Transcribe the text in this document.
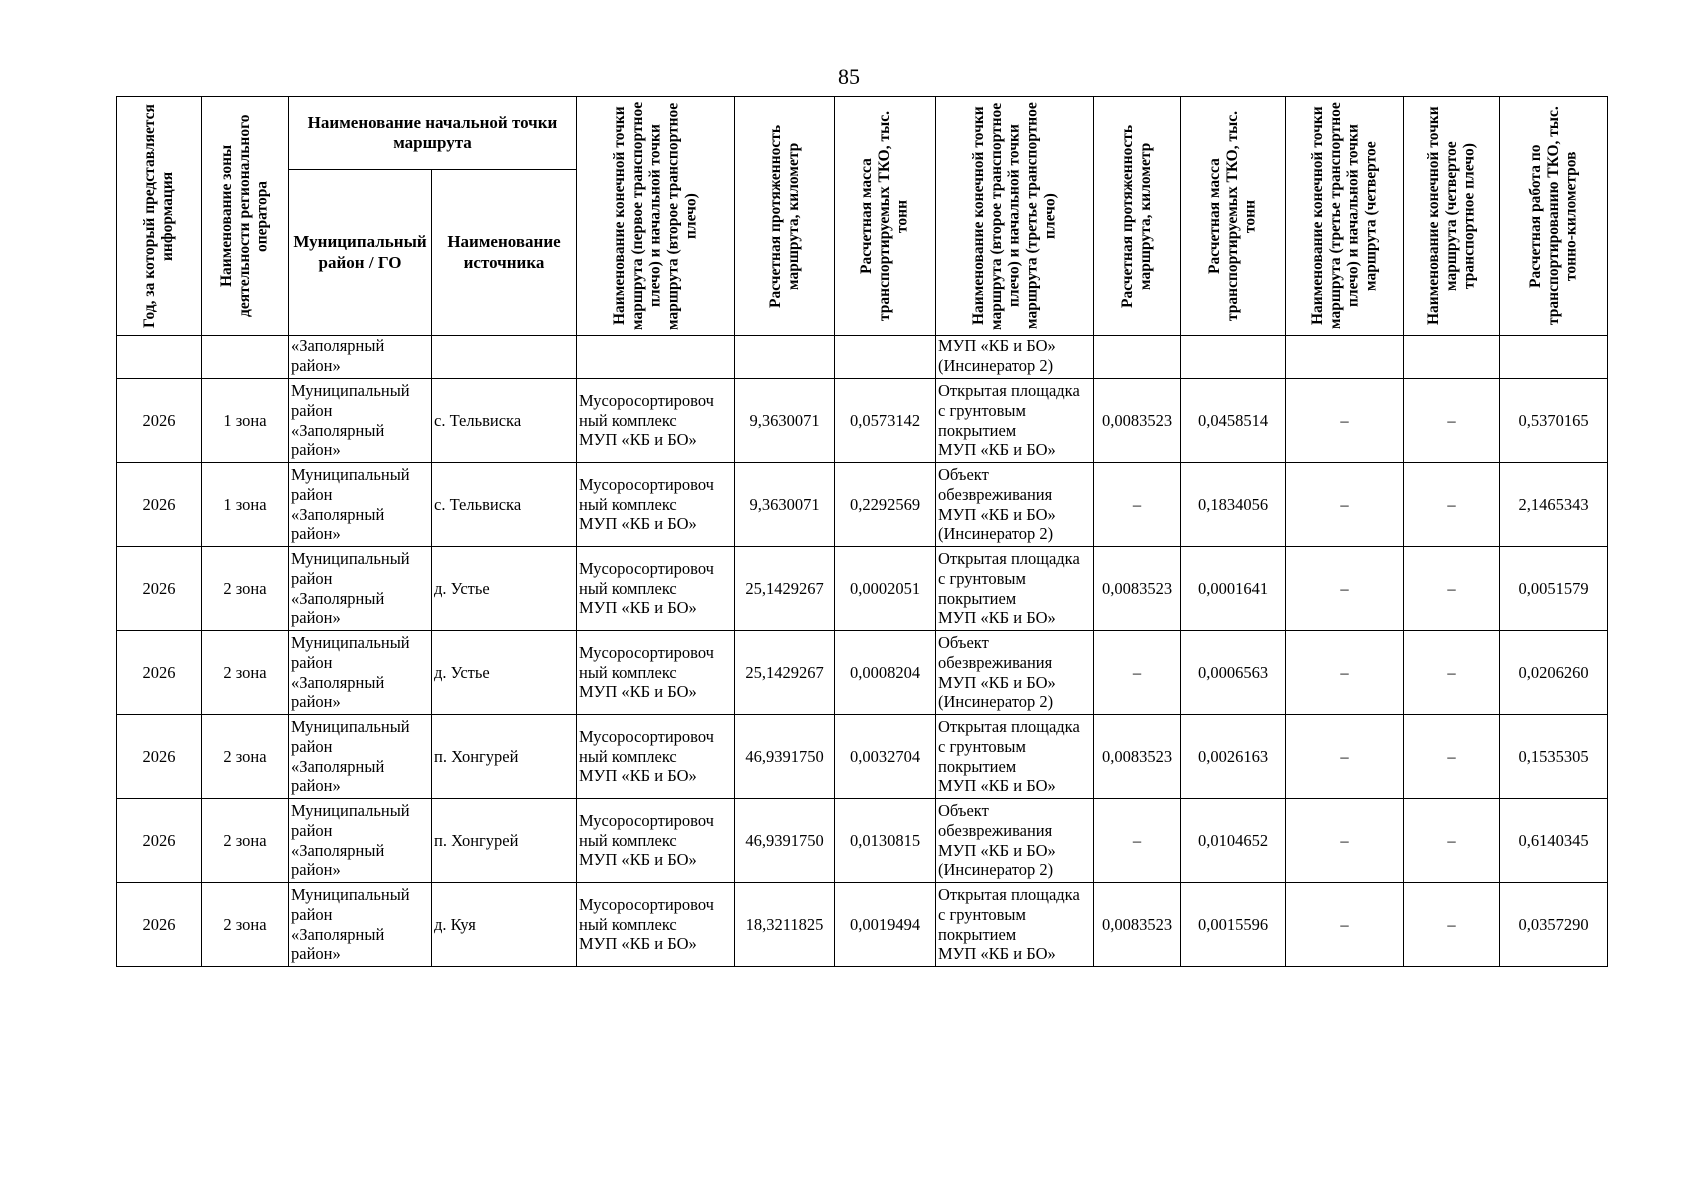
85
Год, за который представляется информация	Наименование зоны деятельности регионального оператора	Наименование начальной точки маршрута		Наименование конечной точки маршрута (первое транспортное плечо) и начальной точки маршрута (второе транспортное плечо)	Расчетная протяженность маршрута, километр	Расчетная масса транспортируемых ТКО, тыс. тонн	Наименование конечной точки маршрута (второе транспортное плечо) и начальной точки маршрута (третье транспортное плечо)	Расчетная протяженность маршрута, километр	Расчетная масса транспортируемых ТКО, тыс. тонн	Наименование конечной точки маршрута (третье транспортное плечо) и начальной точки маршрута (четвертое	Наименование конечной точки маршрута (четвертое транспортное плечо)	Расчетная работа по транспортированию ТКО, тыс. тонно-километров

		Муниципальный район / ГО	Наименование источника									
		«Заполярный
район»					МУП «КБ и БО»
(Инсинератор 2)					
2026	1 зона	Муниципальный
район
«Заполярный
район»	с. Тельвиска	Мусоросортировоч
ный комплекс
МУП «КБ и БО»	9,3630071	0,0573142	Открытая площадка
с грунтовым
покрытием
МУП «КБ и БО»	0,0083523	0,0458514	–	–	0,5370165
2026	1 зона	Муниципальный
район
«Заполярный
район»	с. Тельвиска	Мусоросортировоч
ный комплекс
МУП «КБ и БО»	9,3630071	0,2292569	Объект
обезвреживания
МУП «КБ и БО»
(Инсинератор 2)	–	0,1834056	–	–	2,1465343
2026	2 зона	Муниципальный
район
«Заполярный
район»	д. Устье	Мусоросортировоч
ный комплекс
МУП «КБ и БО»	25,1429267	0,0002051	Открытая площадка
с грунтовым
покрытием
МУП «КБ и БО»	0,0083523	0,0001641	–	–	0,0051579
2026	2 зона	Муниципальный
район
«Заполярный
район»	д. Устье	Мусоросортировоч
ный комплекс
МУП «КБ и БО»	25,1429267	0,0008204	Объект
обезвреживания
МУП «КБ и БО»
(Инсинератор 2)	–	0,0006563	–	–	0,0206260
2026	2 зона	Муниципальный
район
«Заполярный
район»	п. Хонгурей	Мусоросортировоч
ный комплекс
МУП «КБ и БО»	46,9391750	0,0032704	Открытая площадка
с грунтовым
покрытием
МУП «КБ и БО»	0,0083523	0,0026163	–	–	0,1535305
2026	2 зона	Муниципальный
район
«Заполярный
район»	п. Хонгурей	Мусоросортировоч
ный комплекс
МУП «КБ и БО»	46,9391750	0,0130815	Объект
обезвреживания
МУП «КБ и БО»
(Инсинератор 2)	–	0,0104652	–	–	0,6140345
2026	2 зона	Муниципальный
район
«Заполярный
район»	д. Куя	Мусоросортировоч
ный комплекс
МУП «КБ и БО»	18,3211825	0,0019494	Открытая площадка
с грунтовым
покрытием
МУП «КБ и БО»	0,0083523	0,0015596	–	–	0,0357290
